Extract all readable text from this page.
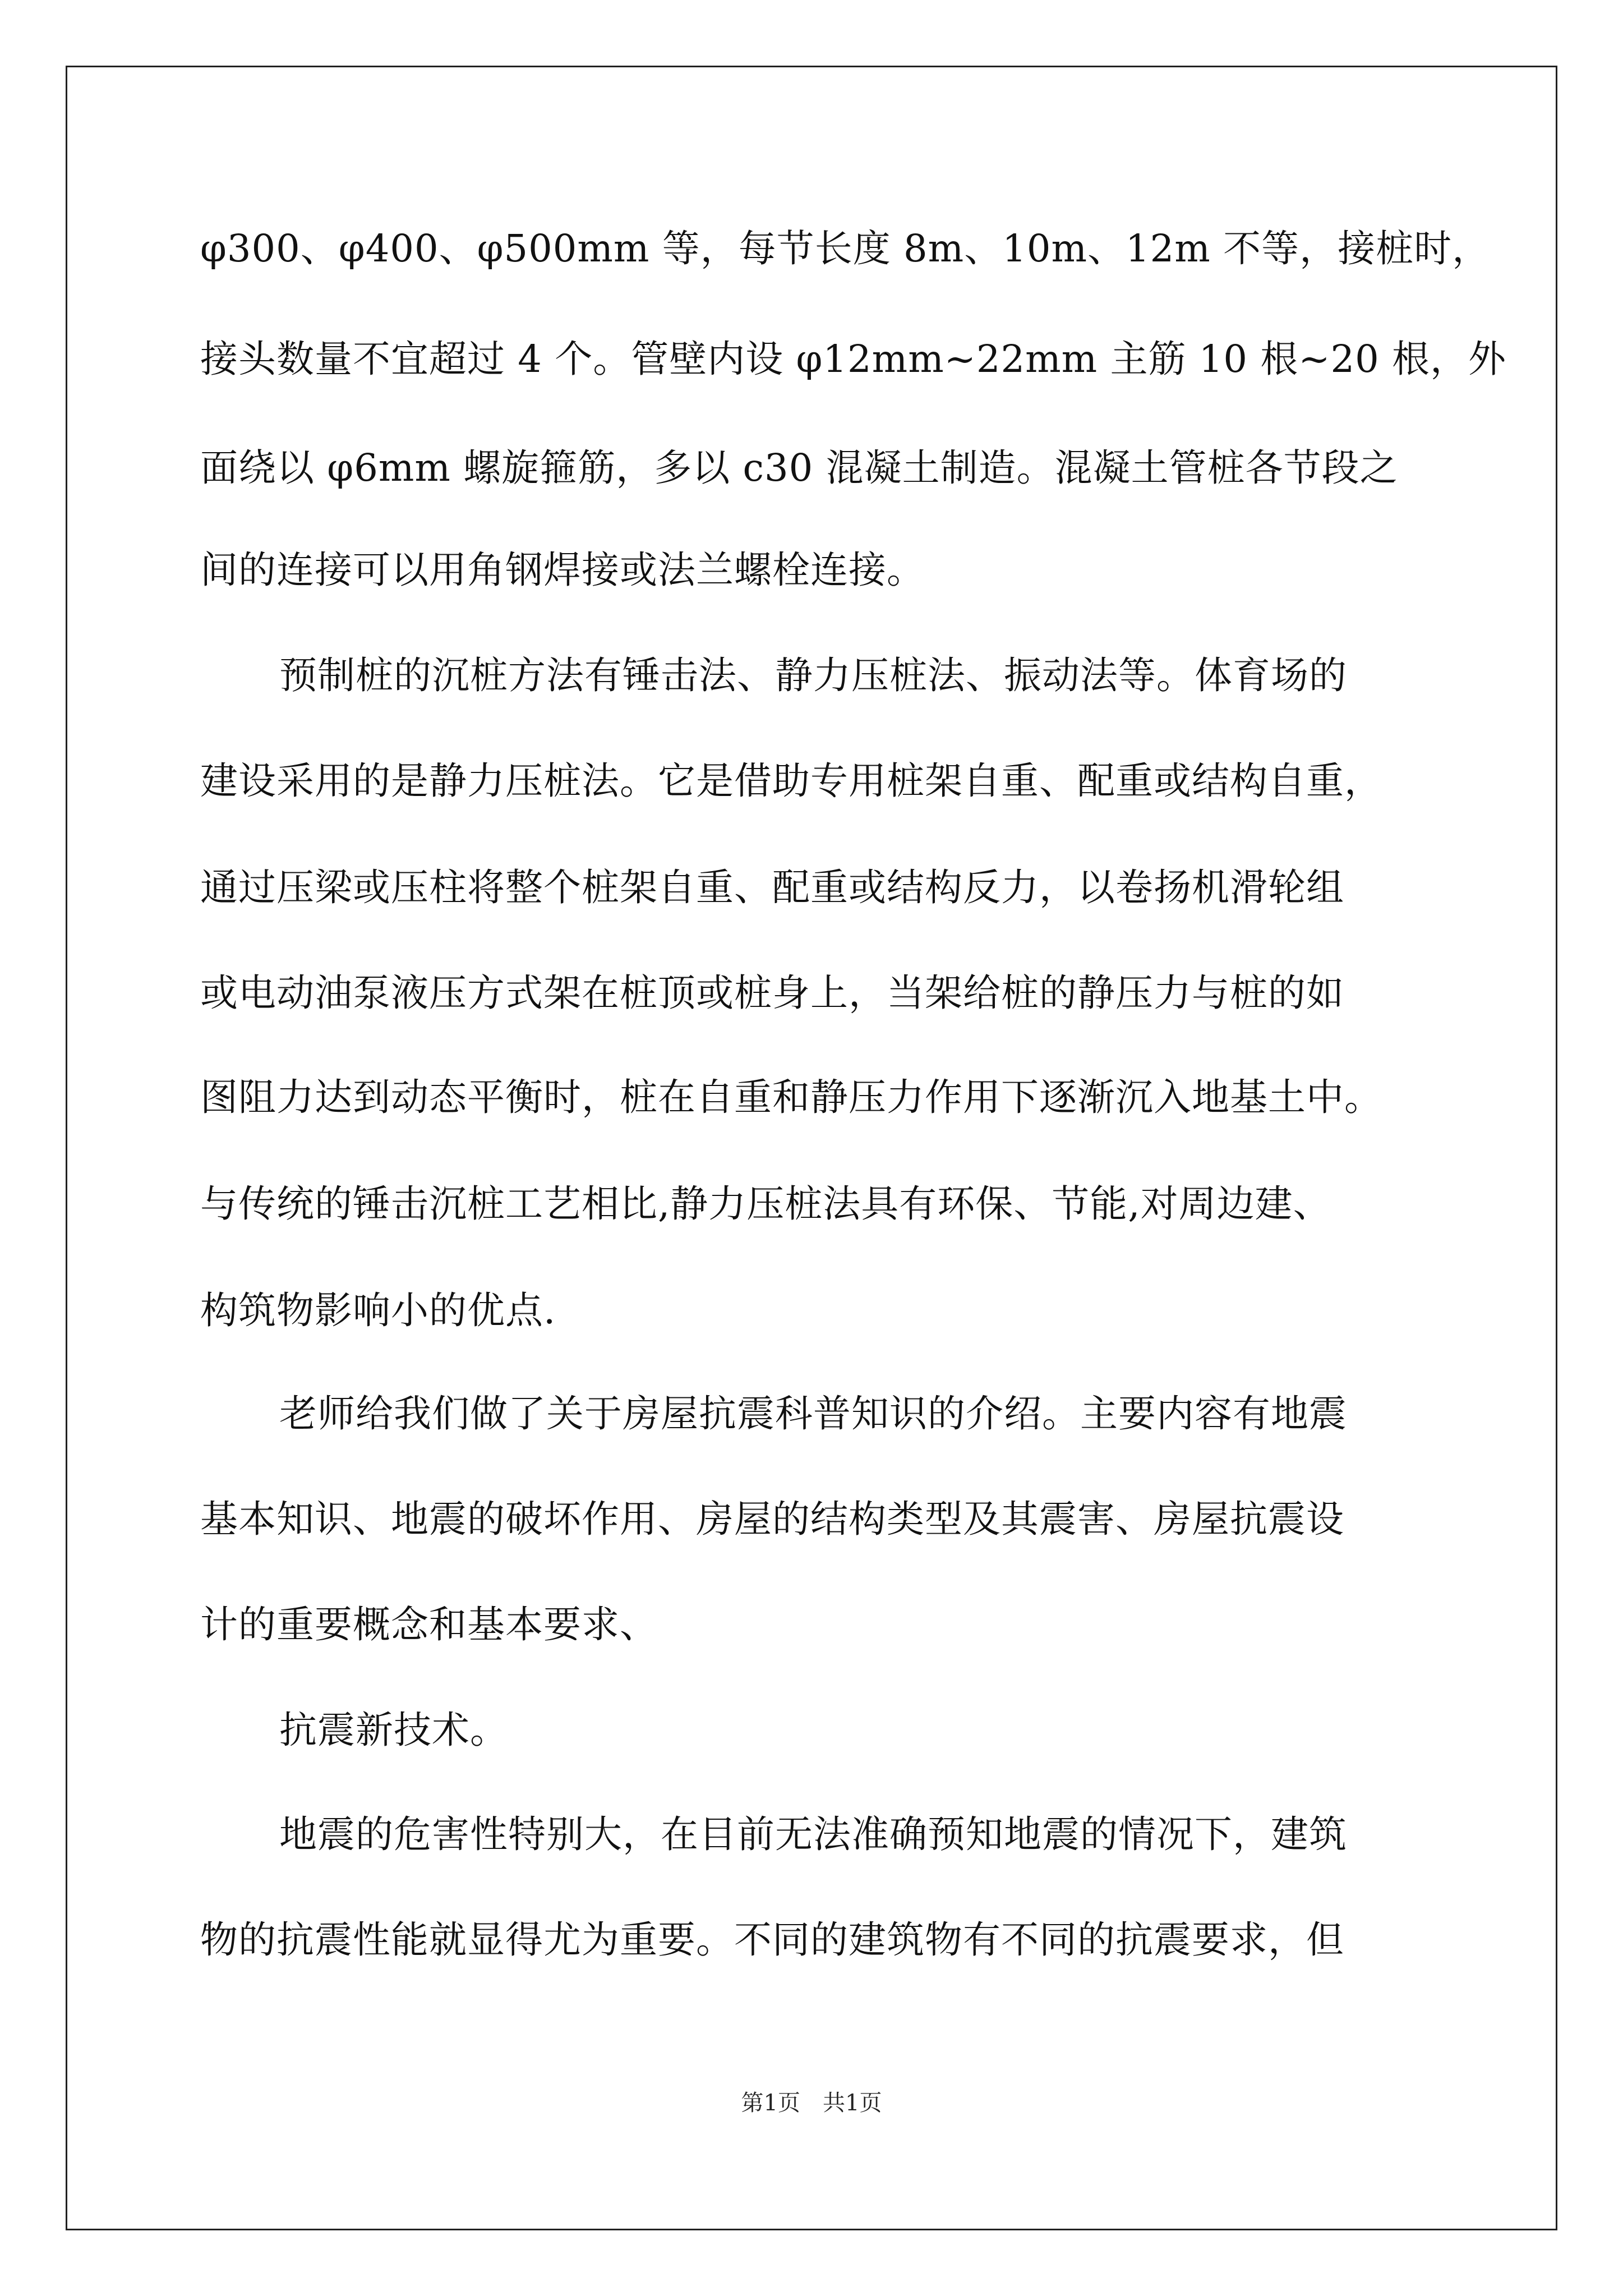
φ300、φ400、φ500mm 等，每节长度 8m、10m、12m 不等，接桩时，
接头数量不宜超过 4 个。管壁内设 φ12mm~22mm 主筋 10 根~20 根，外
面绕以 φ6mm 螺旋箍筋，多以 c30 混凝土制造。混凝土管桩各节段之
间的连接可以用角钢焊接或法兰螺栓连接。
预制桩的沉桩方法有锤击法、静力压桩法、振动法等。体育场的
建设采用的是静力压桩法。它是借助专用桩架自重、配重或结构自重，
通过压梁或压柱将整个桩架自重、配重或结构反力，以卷扬机滑轮组
或电动油泵液压方式架在桩顶或桩身上，当架给桩的静压力与桩的如
图阻力达到动态平衡时，桩在自重和静压力作用下逐渐沉入地基土中。
与传统的锤击沉桩工艺相比,静力压桩法具有环保、节能,对周边建、
构筑物影响小的优点.
老师给我们做了关于房屋抗震科普知识的介绍。主要内容有地震
基本知识、地震的破坏作用、房屋的结构类型及其震害、房屋抗震设
计的重要概念和基本要求、
抗震新技术。
地震的危害性特别大，在目前无法准确预知地震的情况下，建筑
物的抗震性能就显得尤为重要。不同的建筑物有不同的抗震要求，但
第1页　共1页
